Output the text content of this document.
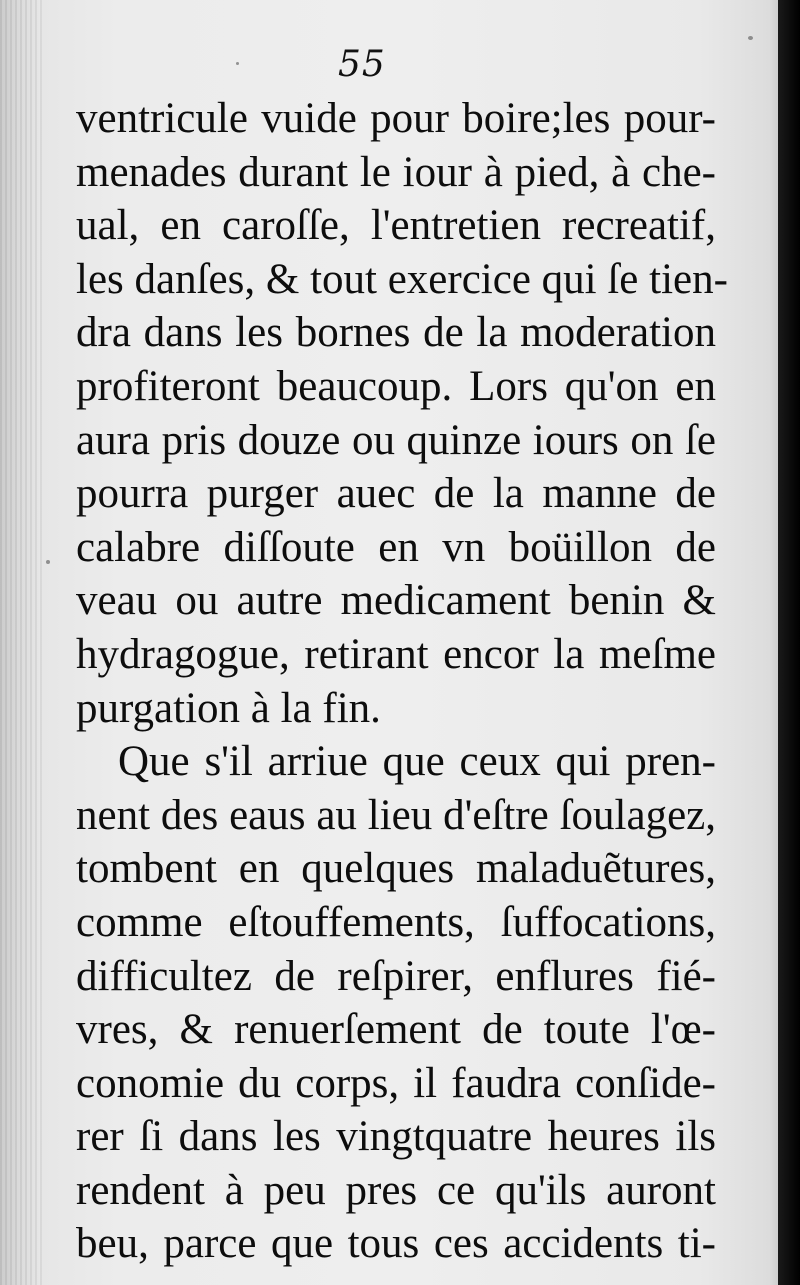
55
ventricule vuide pour boire;les pour-
menades durant le iour à pied, à che-
ual, en caroſſe, l'entretien recreatif,
les danſes, & tout exercice qui ſe tien-
dra dans les bornes de la moderation
profiteront beaucoup. Lors qu'on en
aura pris douze ou quinze iours on ſe
pourra purger auec de la manne de
calabre diſſoute en vn boüillon de
veau ou autre medicament benin &
hydragogue, retirant encor la meſme
purgation à la fin.
Que s'il arriue que ceux qui pren-
nent des eaus au lieu d'eſtre ſoulagez,
tombent en quelques maladuẽtures,
comme eſtouffements, ſuffocations,
difficultez de reſpirer, enflures fié-
vres, & renuerſement de toute l'œ-
conomie du corps, il faudra conſide-
rer ſi dans les vingtquatre heures ils
rendent à peu pres ce qu'ils auront
beu, parce que tous ces accidents ti-
